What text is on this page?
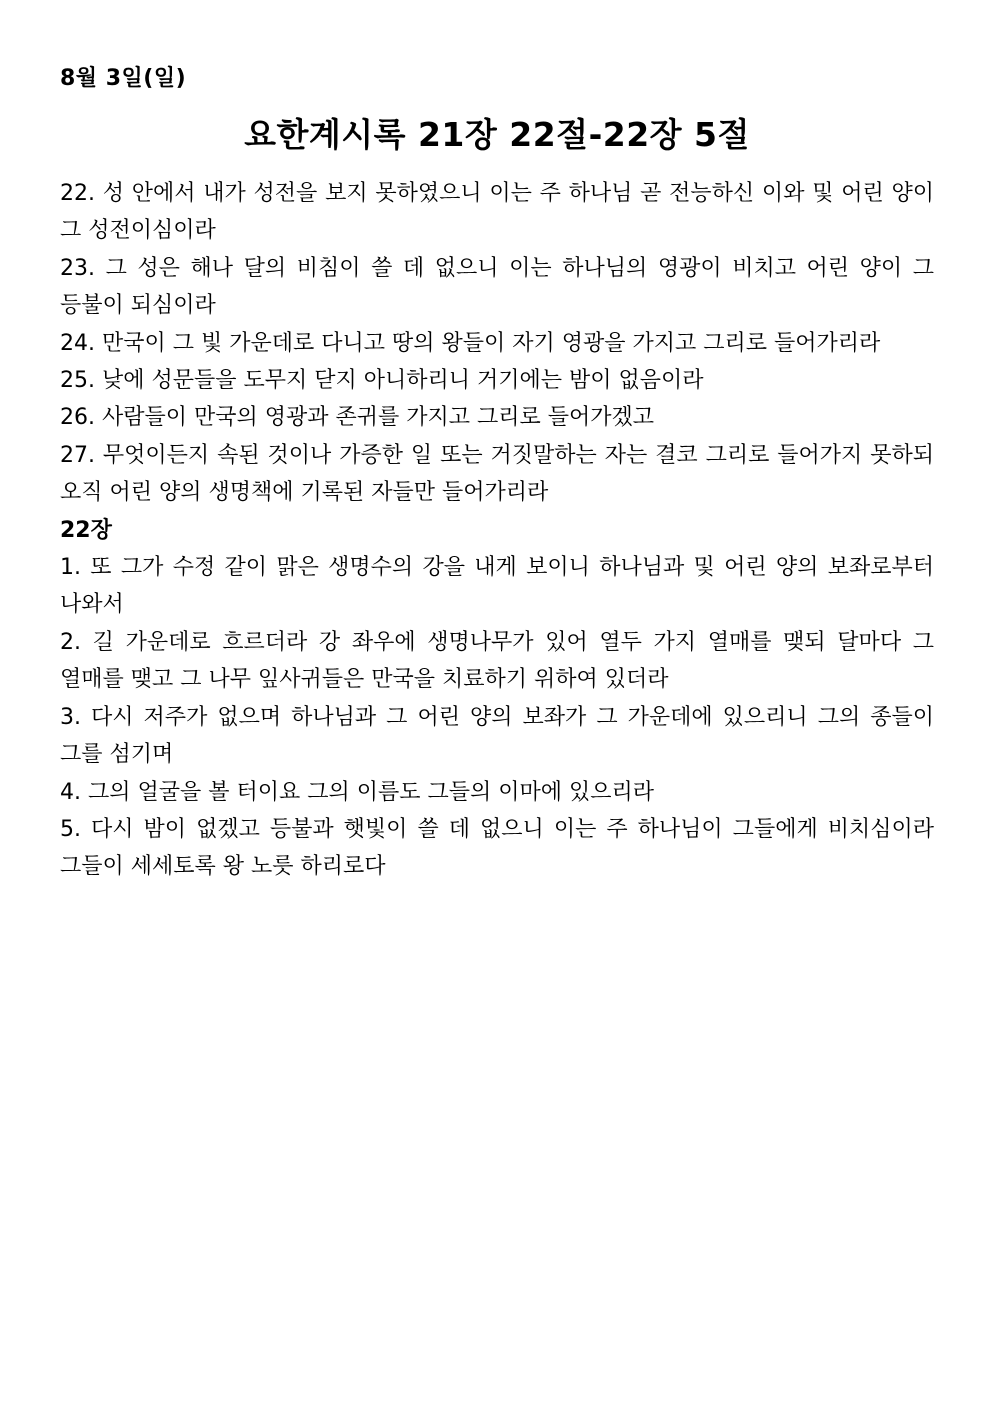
8월 3일(일)
요한계시록 21장 22절-22장 5절

22. 성 안에서 내가 성전을 보지 못하였으니 이는 주 하나님 곧 전능하신 이와 및 어린 양이 그 성전이심이라

23. 그 성은 해나 달의 비침이 쓸 데 없으니 이는 하나님의 영광이 비치고 어린 양이 그 등불이 되심이라

24. 만국이 그 빛 가운데로 다니고 땅의 왕들이 자기 영광을 가지고 그리로 들어가리라

25. 낮에 성문들을 도무지 닫지 아니하리니 거기에는 밤이 없음이라

26. 사람들이 만국의 영광과 존귀를 가지고 그리로 들어가겠고

27. 무엇이든지 속된 것이나 가증한 일 또는 거짓말하는 자는 결코 그리로 들어가지 못하되 오직 어린 양의 생명책에 기록된 자들만 들어가리라

22장

1. 또 그가 수정 같이 맑은 생명수의 강을 내게 보이니 하나님과 및 어린 양의 보좌로부터 나와서

2. 길 가운데로 흐르더라 강 좌우에 생명나무가 있어 열두 가지 열매를 맺되 달마다 그 열매를 맺고 그 나무 잎사귀들은 만국을 치료하기 위하여 있더라

3. 다시 저주가 없으며 하나님과 그 어린 양의 보좌가 그 가운데에 있으리니 그의 종들이 그를 섬기며

4. 그의 얼굴을 볼 터이요 그의 이름도 그들의 이마에 있으리라

5. 다시 밤이 없겠고 등불과 햇빛이 쓸 데 없으니 이는 주 하나님이 그들에게 비치심이라 그들이 세세토록 왕 노릇 하리로다
